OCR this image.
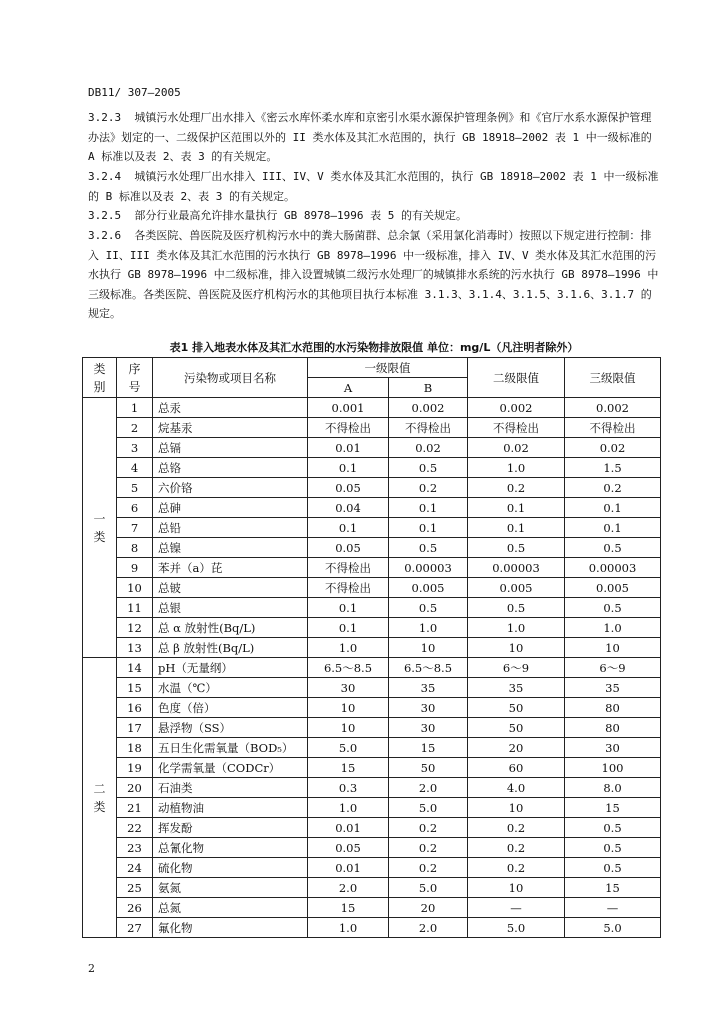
DB11/ 307—2005
3.2.3  城镇污水处理厂出水排入《密云水库怀柔水库和京密引水渠水源保护管理条例》和《官厅水系水源保护管理办法》划定的一、二级保护区范围以外的 II 类水体及其汇水范围的，执行 GB 18918—2002 表 1 中一级标准的 A 标准以及表 2、表 3 的有关规定。
3.2.4  城镇污水处理厂出水排入 III、IV、V 类水体及其汇水范围的，执行 GB 18918—2002 表 1 中一级标准的 B 标准以及表 2、表 3 的有关规定。
3.2.5  部分行业最高允许排水量执行 GB 8978—1996 表 5 的有关规定。
3.2.6  各类医院、兽医院及医疗机构污水中的粪大肠菌群、总余氯（采用氯化消毒时）按照以下规定进行控制：排入 II、III 类水体及其汇水范围的污水执行 GB 8978—1996 中一级标准，排入 IV、V 类水体及其汇水范围的污水执行 GB 8978—1996 中二级标准，排入设置城镇二级污水处理厂的城镇排水系统的污水执行 GB 8978—1996 中三级标准。各类医院、兽医院及医疗机构污水的其他项目执行本标准 3.1.3、3.1.4、3.1.5、3.1.6、3.1.7 的规定。
表1 排入地表水体及其汇水范围的水污染物排放限值 单位：mg/L（凡注明者除外）
类别	序号	污染物或项目名称	一级限值		二级限值	三级限值
			A	B		
一类	1	总汞	0.001	0.002	0.002	0.002
	2	烷基汞	不得检出	不得检出	不得检出	不得检出
	3	总镉	0.01	0.02	0.02	0.02
	4	总铬	0.1	0.5	1.0	1.5
	5	六价铬	0.05	0.2	0.2	0.2
	6	总砷	0.04	0.1	0.1	0.1
	7	总铅	0.1	0.1	0.1	0.1
	8	总镍	0.05	0.5	0.5	0.5
	9	苯并（a）芘	不得检出	0.00003	0.00003	0.00003
	10	总铍	不得检出	0.005	0.005	0.005
	11	总银	0.1	0.5	0.5	0.5
	12	总 α 放射性(Bq/L)	0.1	1.0	1.0	1.0
	13	总 β 放射性(Bq/L)	1.0	10	10	10
二类	14	pH（无量纲）	6.5～8.5	6.5～8.5	6～9	6～9
	15	水温（℃）	30	35	35	35
	16	色度（倍）	10	30	50	80
	17	悬浮物（SS）	10	30	50	80
	18	五日生化需氧量（BOD₅）	5.0	15	20	30
	19	化学需氧量（CODCr）	15	50	60	100
	20	石油类	0.3	2.0	4.0	8.0
	21	动植物油	1.0	5.0	10	15
	22	挥发酚	0.01	0.2	0.2	0.5
	23	总氰化物	0.05	0.2	0.2	0.5
	24	硫化物	0.01	0.2	0.2	0.5
	25	氨氮	2.0	5.0	10	15
	26	总氮	15	20	—	—
	27	氟化物	1.0	2.0	5.0	5.0
2
